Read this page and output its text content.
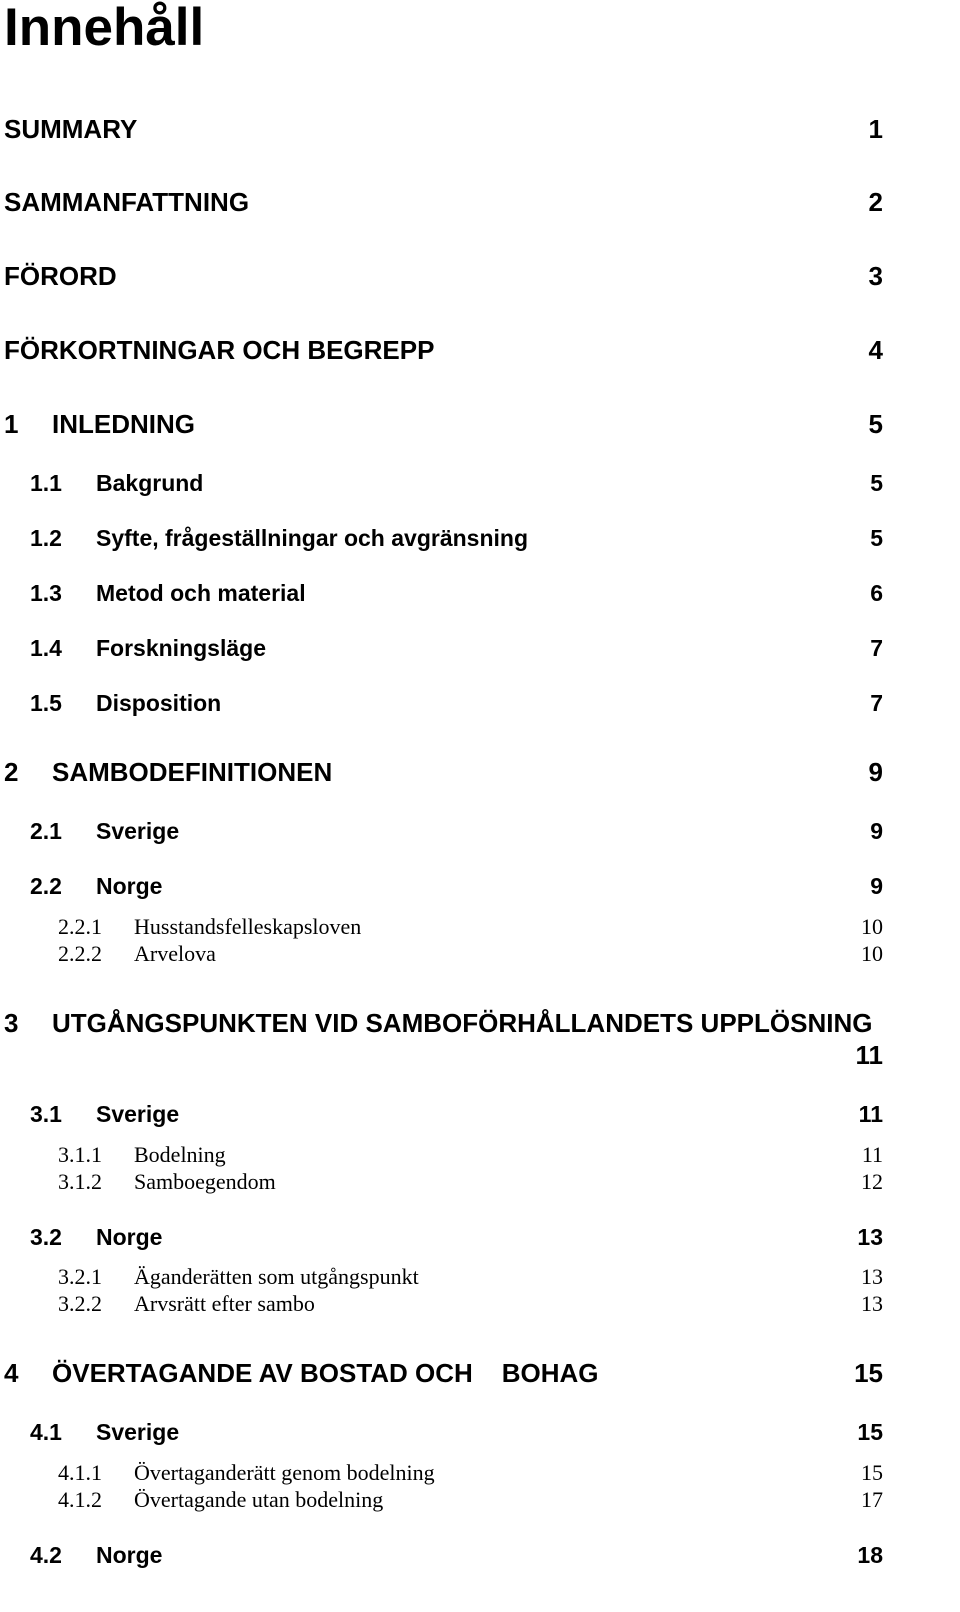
Innehåll
SUMMARY	1
SAMMANFATTNING	2
FÖRORD	3
FÖRKORTNINGAR OCH BEGREPP	4
1 INLEDNING	5
1.1 Bakgrund	5
1.2 Syfte, frågeställningar och avgränsning	5
1.3 Metod och material	6
1.4 Forskningsläge	7
1.5 Disposition	7
2 SAMBODEFINITIONEN	9
2.1 Sverige	9
2.2 Norge	9
2.2.1 Husstandsfelleskapsloven	10
2.2.2 Arvelova	10
3 UTGÅNGSPUNKTEN VID SAMBOFÖRHÅLLANDETS UPPLÖSNING
11
3.1 Sverige	11
3.1.1 Bodelning	11
3.1.2 Samboegendom	12
3.2 Norge	13
3.2.1 Äganderätten som utgångspunkt	13
3.2.2 Arvsrätt efter sambo	13
4 ÖVERTAGANDE AV BOSTAD OCH    BOHAG	15
4.1 Sverige	15
4.1.1 Övertaganderätt genom bodelning	15
4.1.2 Övertagande utan bodelning	17
4.2 Norge	18
